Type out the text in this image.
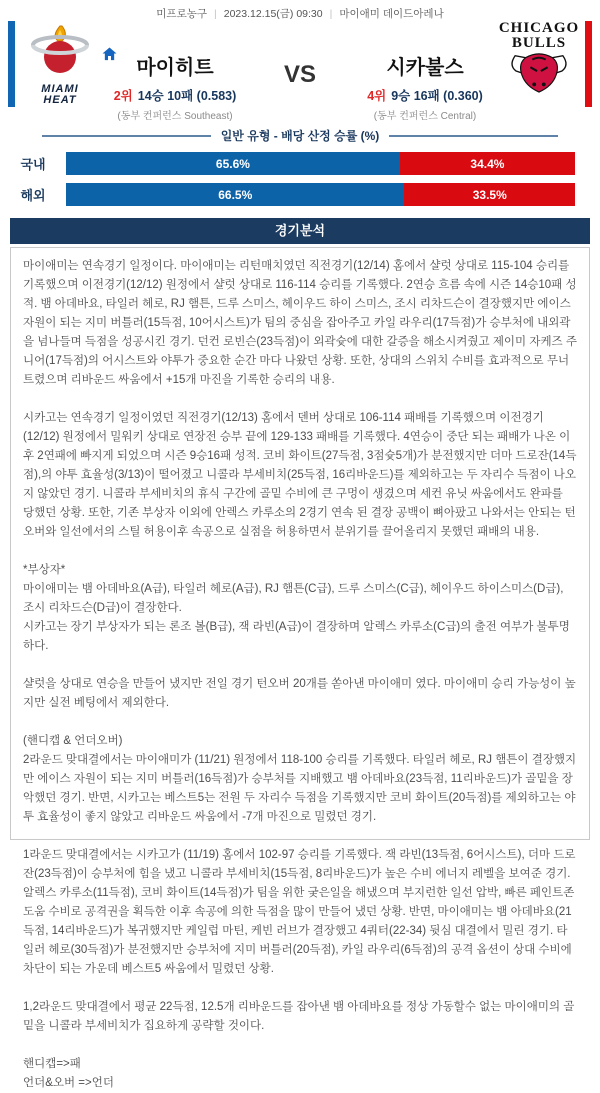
미프로농구 | 2023.12.15(금) 09:30 | 마이애미 데이드아레나
MIAMI
HEAT
마이히트
2위 14승 10패 (0.583)
(동부 컨퍼런스 Southeast)
VS	시카불스
4위 9승 16패 (0.360)
(동부 컨퍼런스 Central)
CHICAGO
BULLS
일반 유형 - 배당 산정 승률 (%)
국내	65.6%	34.4%
해외	66.5%	33.5%
경기분석

마이애미는 연속경기 일정이다. 마이애미는 리턴매치였던 직전경기(12/14) 홈에서 샬럿 상대로 115-104 승리를 기록했으며 이전경기(12/12) 원정에서 샬럿 상대로 116-114 승리를 기록했다. 2연승 흐름 속에 시즌 14승10패 성적. 뱀 아데바요, 타일러 헤로, RJ 햄튼, 드루 스미스, 헤이우드 하이 스미스, 조시 리차드슨이 결장했지만 에이스 자원이 되는 지미 버틀러(15득점, 10어시스트)가 팀의 중심을 잡아주고 카일 라우리(17득점)가 승부처에 내외곽을 넘나들며 득점을 성공시킨 경기. 던컨 로빈슨(23득점)이 외곽슛에 대한 갈증을 해소시켜줬고 제이미 자케즈 주니어(17득점)의 어시스트와 야투가 중요한 순간 마다 나왔던 상황. 또한, 상대의 스위치 수비를 효과적으로 무너트렸으며 리바운드 싸움에서 +15개 마진을 기록한 승리의 내용.

시카고는 연속경기 일정이였던 직전경기(12/13) 홈에서 덴버 상대로 106-114 패배를 기록했으며 이전경기(12/12) 원정에서 밀워키 상대로 연장전 승부 끝에 129-133 패배를 기록했다. 4연승이 중단 되는 패배가 나온 이후 2연패에 빠지게 되었으며 시즌 9승16패 성적. 코비 화이트(27득점, 3점슛5개)가 분전했지만 더마 드로잔(14득점),의 야투 효율성(3/13)이 떨어졌고 니콜라 부세비치(25득점, 16리바운드)를 제외하고는 두 자리수 득점이 나오지 않았던 경기. 니콜라 부세비치의 휴식 구간에 골밑 수비에 큰 구멍이 생겼으며 세컨 유닛 싸움에서도 완파를 당했던 상황. 또한, 기존 부상자 이외에 안렉스 카루소의 2경기 연속 된 결장 공백이 뼈아팠고 나와서는 안되는 턴오버와 일선에서의 스틸 허용이후 속공으로 실점을 허용하면서 분위기를 끌어올리지 못했던 패배의 내용.

*부상자*

마이애미는 뱀 아데바요(A급), 타일러 헤로(A급), RJ 햄튼(C급), 드루 스미스(C급), 헤이우드 하이스미스(D급), 조시 리차드슨(D급)이 결장한다.

시카고는 장기 부상자가 되는 론조 볼(B급), 잭 라빈(A급)이 결장하며 알렉스 카루소(C급)의 출전 여부가 불투명 하다.

샬럿을 상대로 연승을 만들어 냈지만 전일 경기 턴오버 20개를 쏟아낸 마이애미 였다. 마이애미 승리 가능성이 높지만 실전 베팅에서 제외한다.

(핸디캡 & 언더오버)

2라운드 맞대결에서는 마이애미가 (11/21) 원정에서 118-100 승리를 기록했다. 타일러 헤로, RJ 햄튼이 결장했지만 에이스 자원이 되는 지미 버틀러(16득점)가 승부처를 지배했고 뱀 아데바요(23득점, 11리바운드)가 골밑을 장악했던 경기. 반면, 시카고는 베스트5는 전원 두 자리수 득점을 기록했지만 코비 화이트(20득점)를 제외하고는 야투 효율성이 좋지 않았고 리바운드 싸움에서 -7개 마진으로 밀렸던 경기.

1라운드 맞대결에서는 시카고가 (11/19) 홈에서 102-97 승리를 기록했다. 잭 라빈(13득점, 6어시스트), 더마 드로잔(23득점)이 승부처에 힘을 냈고 니콜라 부세비치(15득점, 8리바운드)가 높은 수비 에너지 레벨을 보여준 경기. 알렉스 카루소(11득점), 코비 화이트(14득점)가 팀을 위한 궂은일을 해냈으며 부지런한 일선 압박, 빠른 페인트존 도움 수비로 공격권을 획득한 이후 속공에 의한 득점을 많이 만들어 냈던 상황. 반면, 마이애미는 뱀 아데바요(21득점, 14리바운드)가 복귀했지만 케일럽 마틴, 케빈 러브가 결장했고 4쿼터(22-34) 뒷심 대결에서 밀린 경기. 타일러 헤로(30득점)가 분전했지만 승부처에 지미 버틀러(20득점), 카일 라우리(6득점)의 공격 옵션이 상대 수비에 차단이 되는 가운데 베스트5 싸움에서 밀렸던 상황.

1,2라운드 맞대결에서 평균 22득점, 12.5개 리바운드를 잡아낸 뱀 아데바요를 정상 가동할수 없는 마이애미의 골밑을 니콜라 부세비치가 집요하게 공략할 것이다.

핸디캡=>패

언더&오버 =>언더
